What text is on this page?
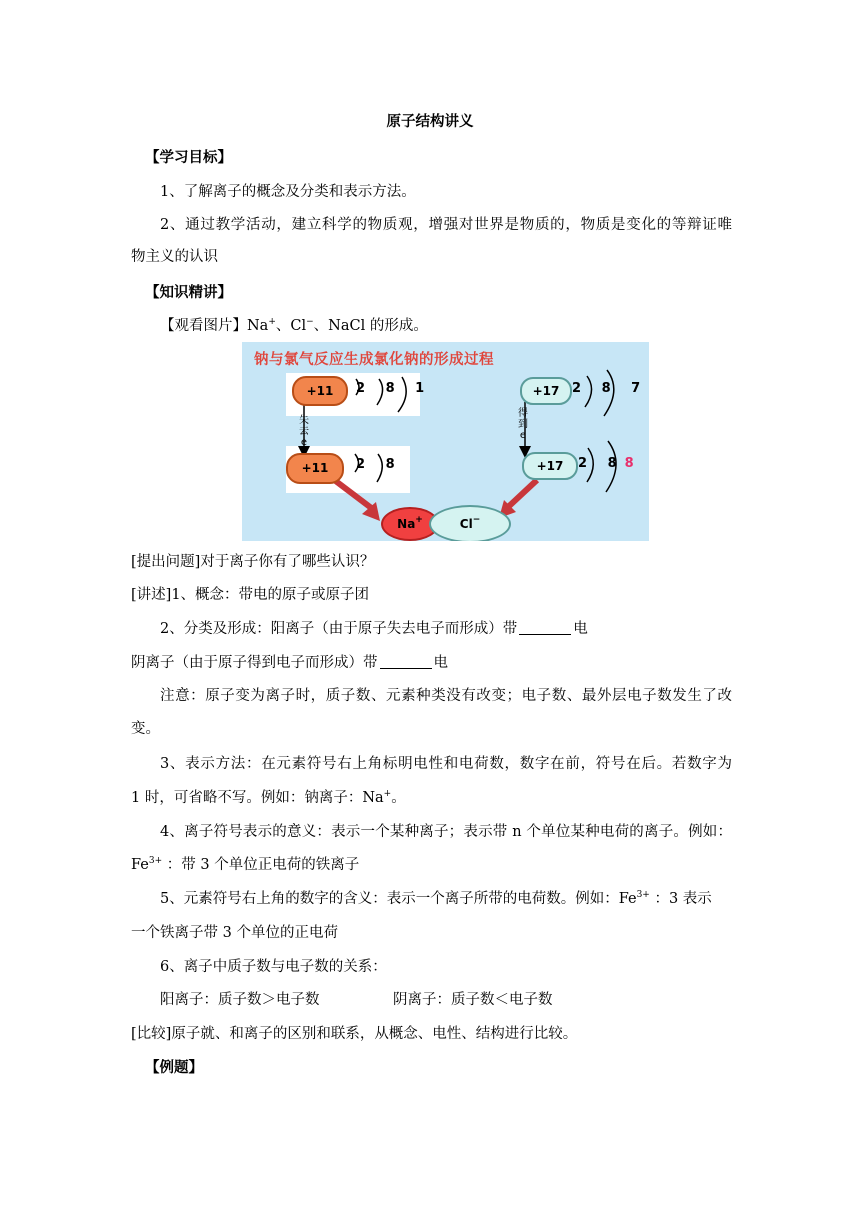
原子结构讲义
【学习目标】
1、了解离子的概念及分类和表示方法。
2、通过教学活动，建立科学的物质观，增强对世界是物质的，物质是变化的等辩证唯
物主义的认识
【知识精讲】
【观看图片】Na+、Cl−、NaCl 的形成。
钠与氯气反应生成氯化钠的形成过程
+11	2 8 1
失
去
e
+11	2 8
+17 2 8 7
得
到
e
+17	2 88
Na+	Cl−
[提出问题]对于离子你有了哪些认识？
[讲述]1、概念：带电的原子或原子团
2、分类及形成：阳离子（由于原子失去电子而形成）带	电
阴离子（由于原子得到电子而形成）带	电
注意：原子变为离子时，质子数、元素种类没有改变；电子数、最外层电子数发生了改
变。
3、表示方法：在元素符号右上角标明电性和电荷数，数字在前，符号在后。若数字为
1 时，可省略不写。例如：钠离子：Na+。
4、离子符号表示的意义：表示一个某种离子；表示带 n 个单位某种电荷的离子。例如：
$Fe^{3+}$ ：带 3 个单位正电荷的铁离子
5、元素符号右上角的数字的含义：表示一个离子所带的电荷数。例如：$Fe^{3+}$ ：3 表示
一个铁离子带 3 个单位的正电荷
6、离子中质子数与电子数的关系：
阳离子：质子数＞电子数	阴离子：质子数＜电子数
[比较]原子就、和离子的区别和联系，从概念、电性、结构进行比较。
【例题】
